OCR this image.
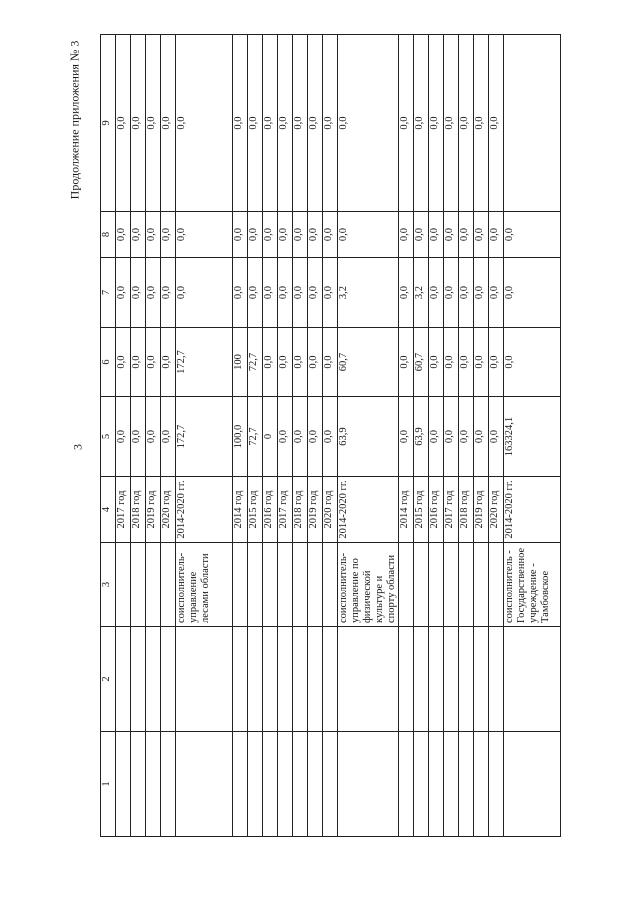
Продолжение приложения № 3
3
1	2	3	4	5	6	7	8	9
			2017 год	0,0	0,0	0,0	0,0	0,0
			2018 год	0,0	0,0	0,0	0,0	0,0
			2019 год	0,0	0,0	0,0	0,0	0,0
			2020 год	0,0	0,0	0,0	0,0	0,0
		соисполнитель-управление лесами области	2014-2020 гг.	172,7	172,7	0,0	0,0	0,0
			2014 год	100,0	100	0,0	0,0	0,0
			2015 год	72,7	72,7	0,0	0,0	0,0
			2016 год	0	0,0	0,0	0,0	0,0
			2017 год	0,0	0,0	0,0	0,0	0,0
			2018 год	0,0	0,0	0,0	0,0	0,0
			2019 год	0,0	0,0	0,0	0,0	0,0
			2020 год	0,0	0,0	0,0	0,0	0,0
		соисполнитель-управление по физической культуре и спорту области	2014-2020 гг.	63,9	60,7	3,2	0,0	0,0
			2014 год	0,0	0,0	0,0	0,0	0,0
			2015 год	63,9	60,7	3,2	0,0	0,0
			2016 год	0,0	0,0	0,0	0,0	0,0
			2017 год	0,0	0,0	0,0	0,0	0,0
			2018 год	0,0	0,0	0,0	0,0	0,0
			2019 год	0,0	0,0	0,0	0,0	0,0
			2020 год	0,0	0,0	0,0	0,0	0,0
		соисполнитель - Государственное учреждение - Тамбовское	2014-2020 гг.	163324,1	0,0	0,0	0,0	
